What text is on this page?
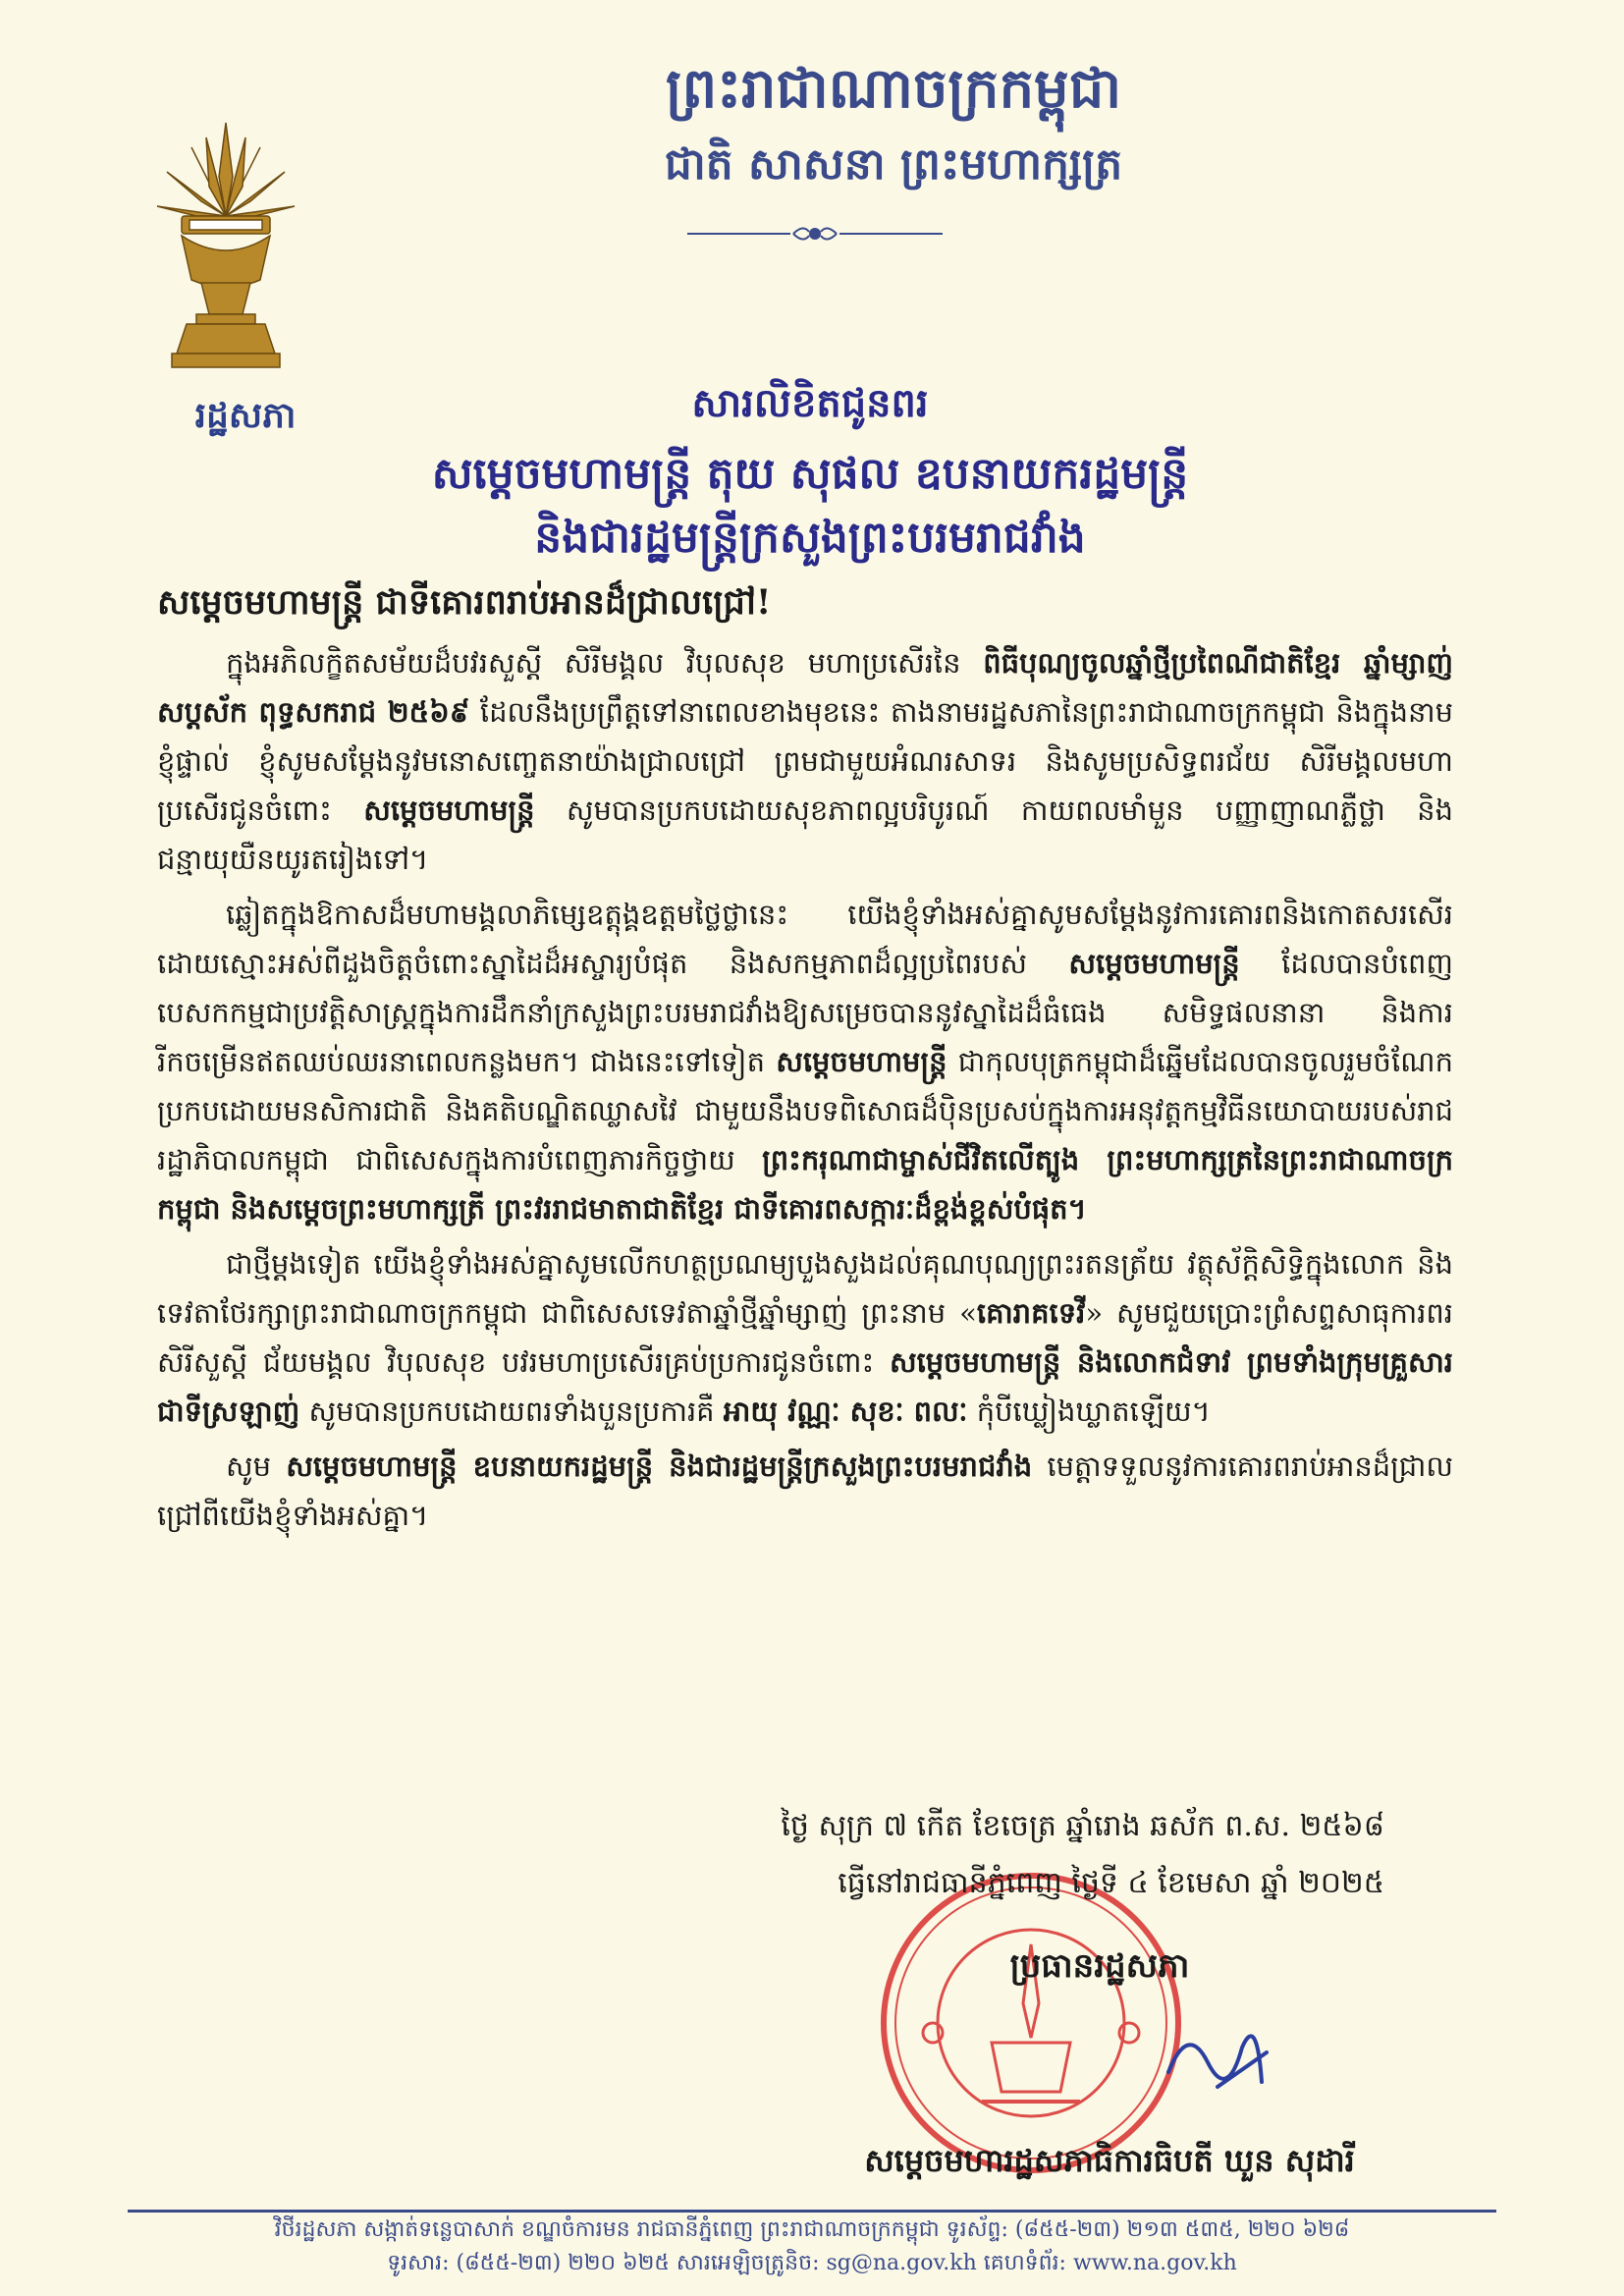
ព្រះរាជាណាចក្រកម្ពុជា
ជាតិ សាសនា ព្រះមហាក្សត្រ
រដ្ឋសភា	សារលិខិតជូនពរ
សម្តេចមហាមន្ត្រី តុយ សុផល ឧបនាយករដ្ឋមន្ត្រី
និងជារដ្ឋមន្ត្រីក្រសួងព្រះបរមរាជវាំង
សម្តេចមហាមន្ត្រី ជាទីគោរពរាប់អានដ៏ជ្រាលជ្រៅ!

ក្នុងអភិលក្ខិតសម័យដ៏បវរសួស្តី សិរីមង្គល វិបុលសុខ មហាប្រសើរនៃ ពិធីបុណ្យចូលឆ្នាំថ្មីប្រពៃណីជាតិខ្មែរ ឆ្នាំម្សាញ់ សប្តស័ក ពុទ្ធសករាជ ២៥៦៩ ដែលនឹងប្រព្រឹត្តទៅនាពេលខាងមុខនេះ តាងនាមរដ្ឋសភានៃព្រះរាជាណាចក្រកម្ពុជា និងក្នុងនាមខ្ញុំផ្ទាល់ ខ្ញុំសូមសម្តែងនូវមនោសញ្ចេតនាយ៉ាងជ្រាលជ្រៅ ព្រមជាមួយអំណរសាទរ និងសូមប្រសិទ្ធពរជ័យ សិរីមង្គលមហាប្រសើរជូនចំពោះ សម្តេចមហាមន្ត្រី សូមបានប្រកបដោយសុខភាពល្អបរិបូរណ៍ កាយពលមាំមួន បញ្ញាញាណភ្លឺថ្លា និងជន្មាយុយឺនយូរតរៀងទៅ។

ឆ្លៀតក្នុងឱកាសដ៏មហាមង្គលាភិម្សេឧត្តុង្គឧត្តមថ្លៃថ្លានេះ យើងខ្ញុំទាំងអស់គ្នាសូមសម្តែងនូវការគោរពនិងកោតសរសើរដោយស្មោះអស់ពីដួងចិត្តចំពោះស្នាដៃដ៏អស្ចារ្យបំផុត និងសកម្មភាពដ៏ល្អប្រពៃរបស់ សម្តេចមហាមន្ត្រី ដែលបានបំពេញបេសកកម្មជាប្រវត្តិសាស្ត្រក្នុងការដឹកនាំក្រសួងព្រះបរមរាជវាំងឱ្យសម្រេចបាននូវស្នាដៃដ៏ធំធេង សមិទ្ធផលនានា និងការរីកចម្រើនឥតឈប់ឈរនាពេលកន្លងមក។ ជាងនេះទៅទៀត សម្តេចមហាមន្ត្រី ជាកុលបុត្រកម្ពុជាដ៏ឆ្នើមដែលបានចូលរួមចំណែកប្រកបដោយមនសិការជាតិ និងគតិបណ្ឌិតឈ្លាសវៃ ជាមួយនឹងបទពិសោធដ៏ប៉ិនប្រសប់ក្នុងការអនុវត្តកម្មវិធីនយោបាយរបស់រាជរដ្ឋាភិបាលកម្ពុជា ជាពិសេសក្នុងការបំពេញភារកិច្ចថ្វាយ ព្រះករុណាជាម្ចាស់ជីវិតលើត្បូង ព្រះមហាក្សត្រនៃព្រះរាជាណាចក្រកម្ពុជា និងសម្តេចព្រះមហាក្សត្រី ព្រះវររាជមាតាជាតិខ្មែរ ជាទីគោរពសក្ការៈដ៏ខ្ពង់ខ្ពស់បំផុត។

ជាថ្មីម្តងទៀត យើងខ្ញុំទាំងអស់គ្នាសូមលើកហត្ថប្រណម្យបួងសួងដល់គុណបុណ្យព្រះរតនត្រ័យ វត្ថុស័ក្តិសិទ្ធិក្នុងលោក និងទេវតាថែរក្សាព្រះរាជាណាចក្រកម្ពុជា ជាពិសេសទេវតាឆ្នាំថ្មីឆ្នាំម្សាញ់ ព្រះនាម «គោរាគទេវី» សូមជួយប្រោះព្រំសព្ទសាធុការពរ សិរីសួស្តី ជ័យមង្គល វិបុលសុខ បវរមហាប្រសើរគ្រប់ប្រការជូនចំពោះ សម្តេចមហាមន្ត្រី និងលោកជំទាវ ព្រមទាំងក្រុមគ្រួសារជាទីស្រឡាញ់ សូមបានប្រកបដោយពរទាំងបួនប្រការគឺ អាយុ វណ្ណៈ សុខៈ ពលៈ កុំបីឃ្លៀងឃ្លាតឡើយ។

សូម សម្តេចមហាមន្ត្រី ឧបនាយករដ្ឋមន្ត្រី និងជារដ្ឋមន្ត្រីក្រសួងព្រះបរមរាជវាំង មេត្តាទទួលនូវការគោរពរាប់អានដ៏ជ្រាលជ្រៅពីយើងខ្ញុំទាំងអស់គ្នា។

ថ្ងៃ សុក្រ ៧ កើត ខែចេត្រ ឆ្នាំរោង ឆស័ក ព.ស. ២៥៦៨
ធ្វើនៅរាជធានីភ្នំពេញ ថ្ងៃទី ៤ ខែមេសា ឆ្នាំ ២០២៥
ប្រធានរដ្ឋសភា
សម្តេចមហារដ្ឋសភាធិការធិបតី ឃួន សុដារី
វិថីរដ្ឋសភា សង្កាត់ទន្លេបាសាក់ ខណ្ឌចំការមន រាជធានីភ្នំពេញ ព្រះរាជាណាចក្រកម្ពុជា ទូរស័ព្ទ: (៨៥៥-២៣) ២១៣ ៥៣៥, ២២០ ៦២៨
ទូរសារ: (៨៥៥-២៣) ២២០ ៦២៥ សារអេឡិចត្រូនិច: sg@na.gov.kh គេហទំព័រ: www.na.gov.kh
